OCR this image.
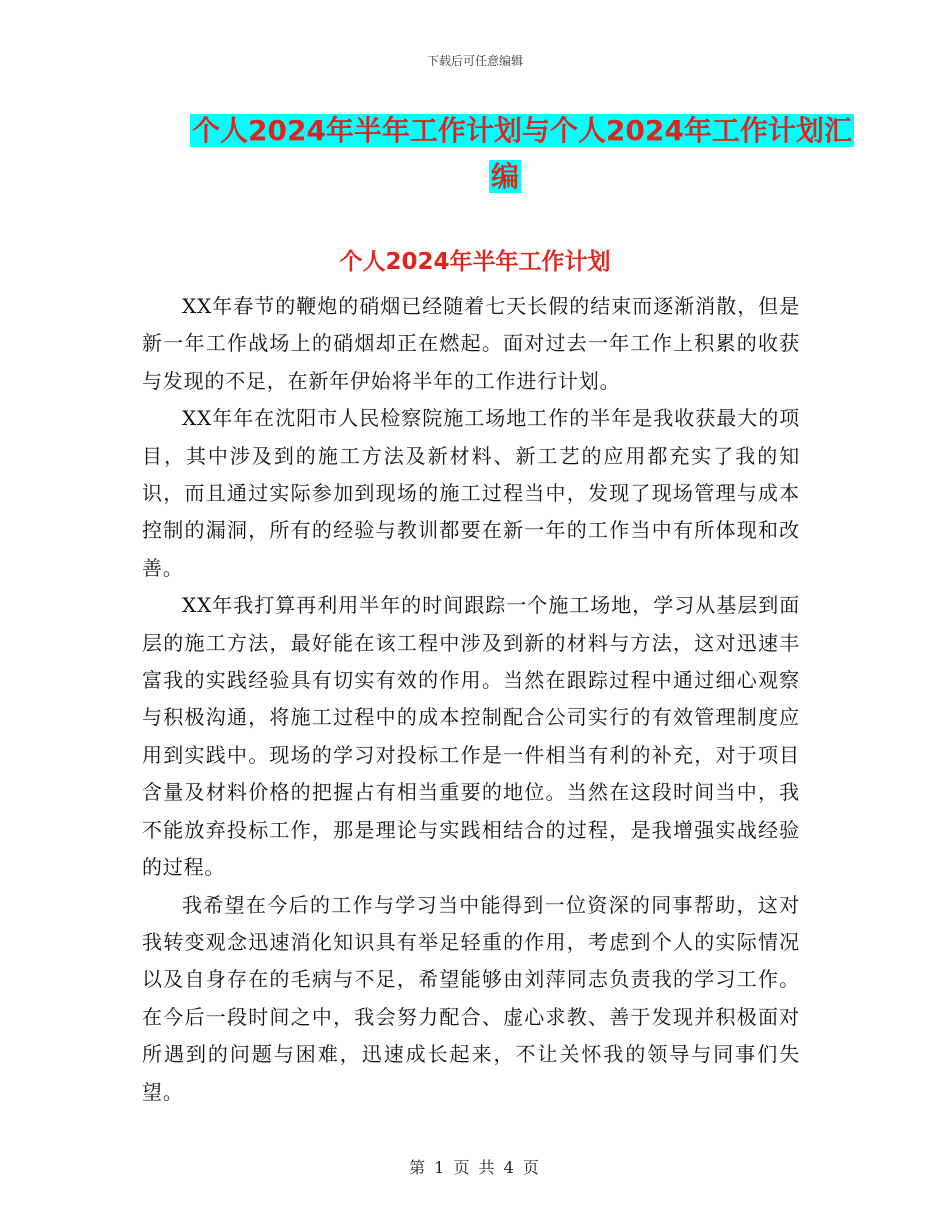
下载后可任意编辑
个人2024年半年工作计划与个人2024年工作计划汇
编
个人2024年半年工作计划

XX年春节的鞭炮的硝烟已经随着七天长假的结束而逐渐消散，但是新一年工作战场上的硝烟却正在燃起。面对过去一年工作上积累的收获与发现的不足，在新年伊始将半年的工作进行计划。

XX年年在沈阳市人民检察院施工场地工作的半年是我收获最大的项目，其中涉及到的施工方法及新材料、新工艺的应用都充实了我的知识，而且通过实际参加到现场的施工过程当中，发现了现场管理与成本控制的漏洞，所有的经验与教训都要在新一年的工作当中有所体现和改善。

XX年我打算再利用半年的时间跟踪一个施工场地，学习从基层到面层的施工方法，最好能在该工程中涉及到新的材料与方法，这对迅速丰富我的实践经验具有切实有效的作用。当然在跟踪过程中通过细心观察与积极沟通，将施工过程中的成本控制配合公司实行的有效管理制度应用到实践中。现场的学习对投标工作是一件相当有利的补充，对于项目含量及材料价格的把握占有相当重要的地位。当然在这段时间当中，我不能放弃投标工作，那是理论与实践相结合的过程，是我增强实战经验的过程。

我希望在今后的工作与学习当中能得到一位资深的同事帮助，这对我转变观念迅速消化知识具有举足轻重的作用，考虑到个人的实际情况以及自身存在的毛病与不足，希望能够由刘萍同志负责我的学习工作。在今后一段时间之中，我会努力配合、虚心求教、善于发现并积极面对所遇到的问题与困难，迅速成长起来，不让关怀我的领导与同事们失望。

第 1 页 共 4 页
